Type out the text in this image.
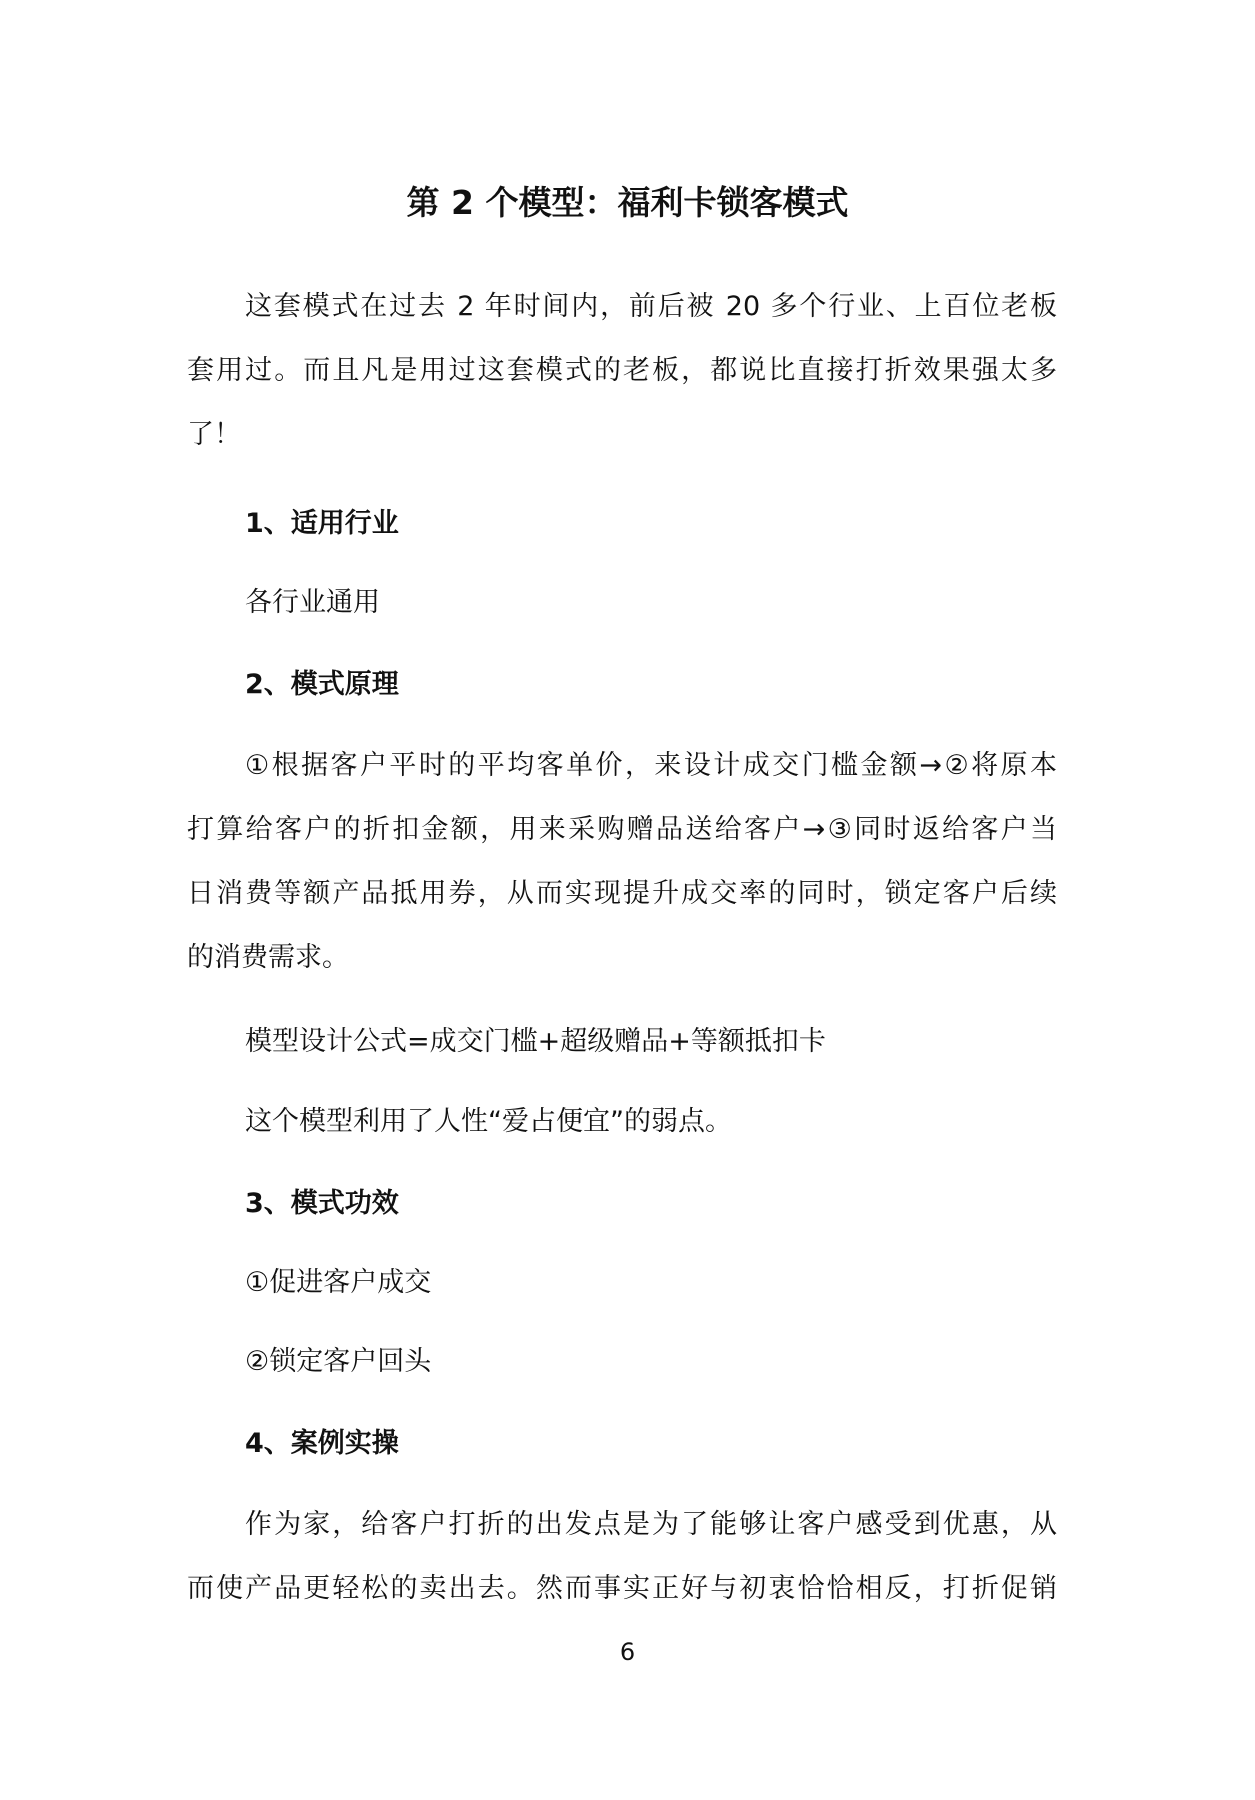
第 2 个模型：福利卡锁客模式
这套模式在过去 2 年时间内，前后被 20 多个行业、上百位老板
套用过。而且凡是用过这套模式的老板，都说比直接打折效果强太多
了！
1、适用行业
各行业通用
2、模式原理
①根据客户平时的平均客单价，来设计成交门槛金额→②将原本
打算给客户的折扣金额，用来采购赠品送给客户→③同时返给客户当
日消费等额产品抵用券，从而实现提升成交率的同时，锁定客户后续
的消费需求。
模型设计公式=成交门槛+超级赠品+等额抵扣卡
这个模型利用了人性“爱占便宜”的弱点。
3、模式功效
①促进客户成交
②锁定客户回头
4、案例实操
作为家，给客户打折的出发点是为了能够让客户感受到优惠，从
而使产品更轻松的卖出去。然而事实正好与初衷恰恰相反，打折促销
6
